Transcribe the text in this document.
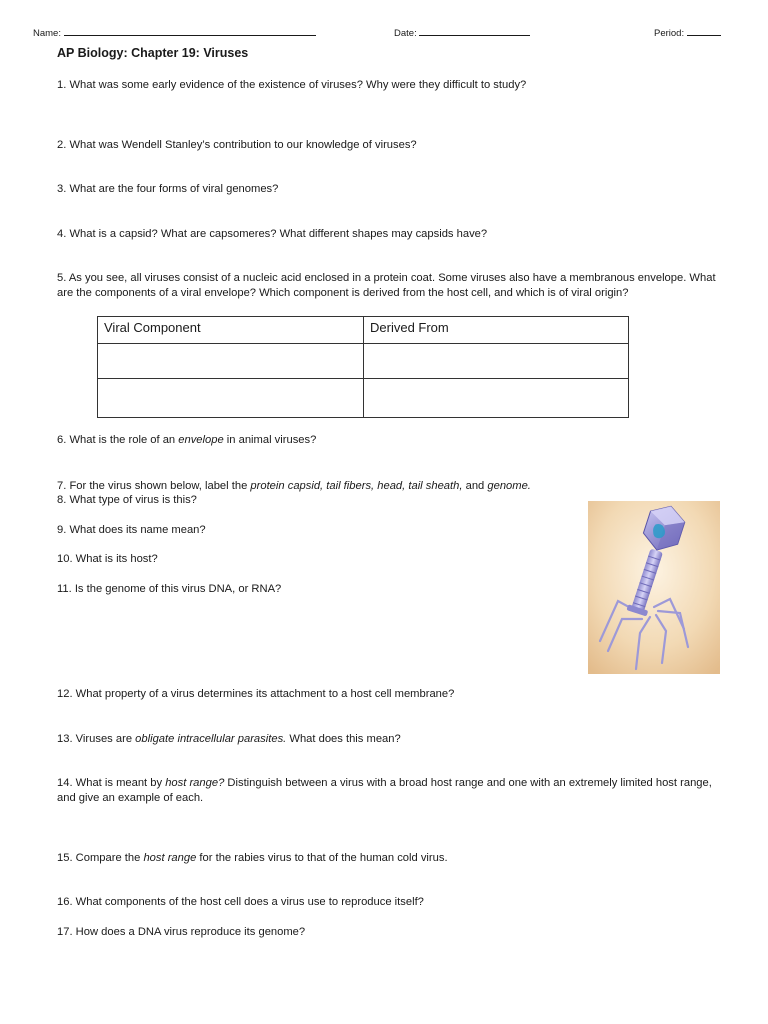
Name:	Date:	Period:
AP Biology: Chapter 19: Viruses
1. What was some early evidence of the existence of viruses? Why were they difficult to study?
2. What was Wendell Stanley’s contribution to our knowledge of viruses?
3. What are the four forms of viral genomes?
4. What is a capsid? What are capsomeres? What different shapes may capsids have?
5. As you see, all viruses consist of a nucleic acid enclosed in a protein coat. Some viruses also have a membranous envelope. What are the components of a viral envelope? Which component is derived from the host cell, and which is of viral origin?
Viral Component	Derived From

6. What is the role of an envelope in animal viruses?
7. For the virus shown below, label the protein capsid, tail fibers, head, tail sheath, and genome.
8. What type of virus is this?
9. What does its name mean?
10. What is its host?
11. Is the genome of this virus DNA, or RNA?
12. What property of a virus determines its attachment to a host cell membrane?
13. Viruses are obligate intracellular parasites. What does this mean?
14. What is meant by host range? Distinguish between a virus with a broad host range and one with an extremely limited host range, and give an example of each.
15. Compare the host range for the rabies virus to that of the human cold virus.
16. What components of the host cell does a virus use to reproduce itself?
17. How does a DNA virus reproduce its genome?
